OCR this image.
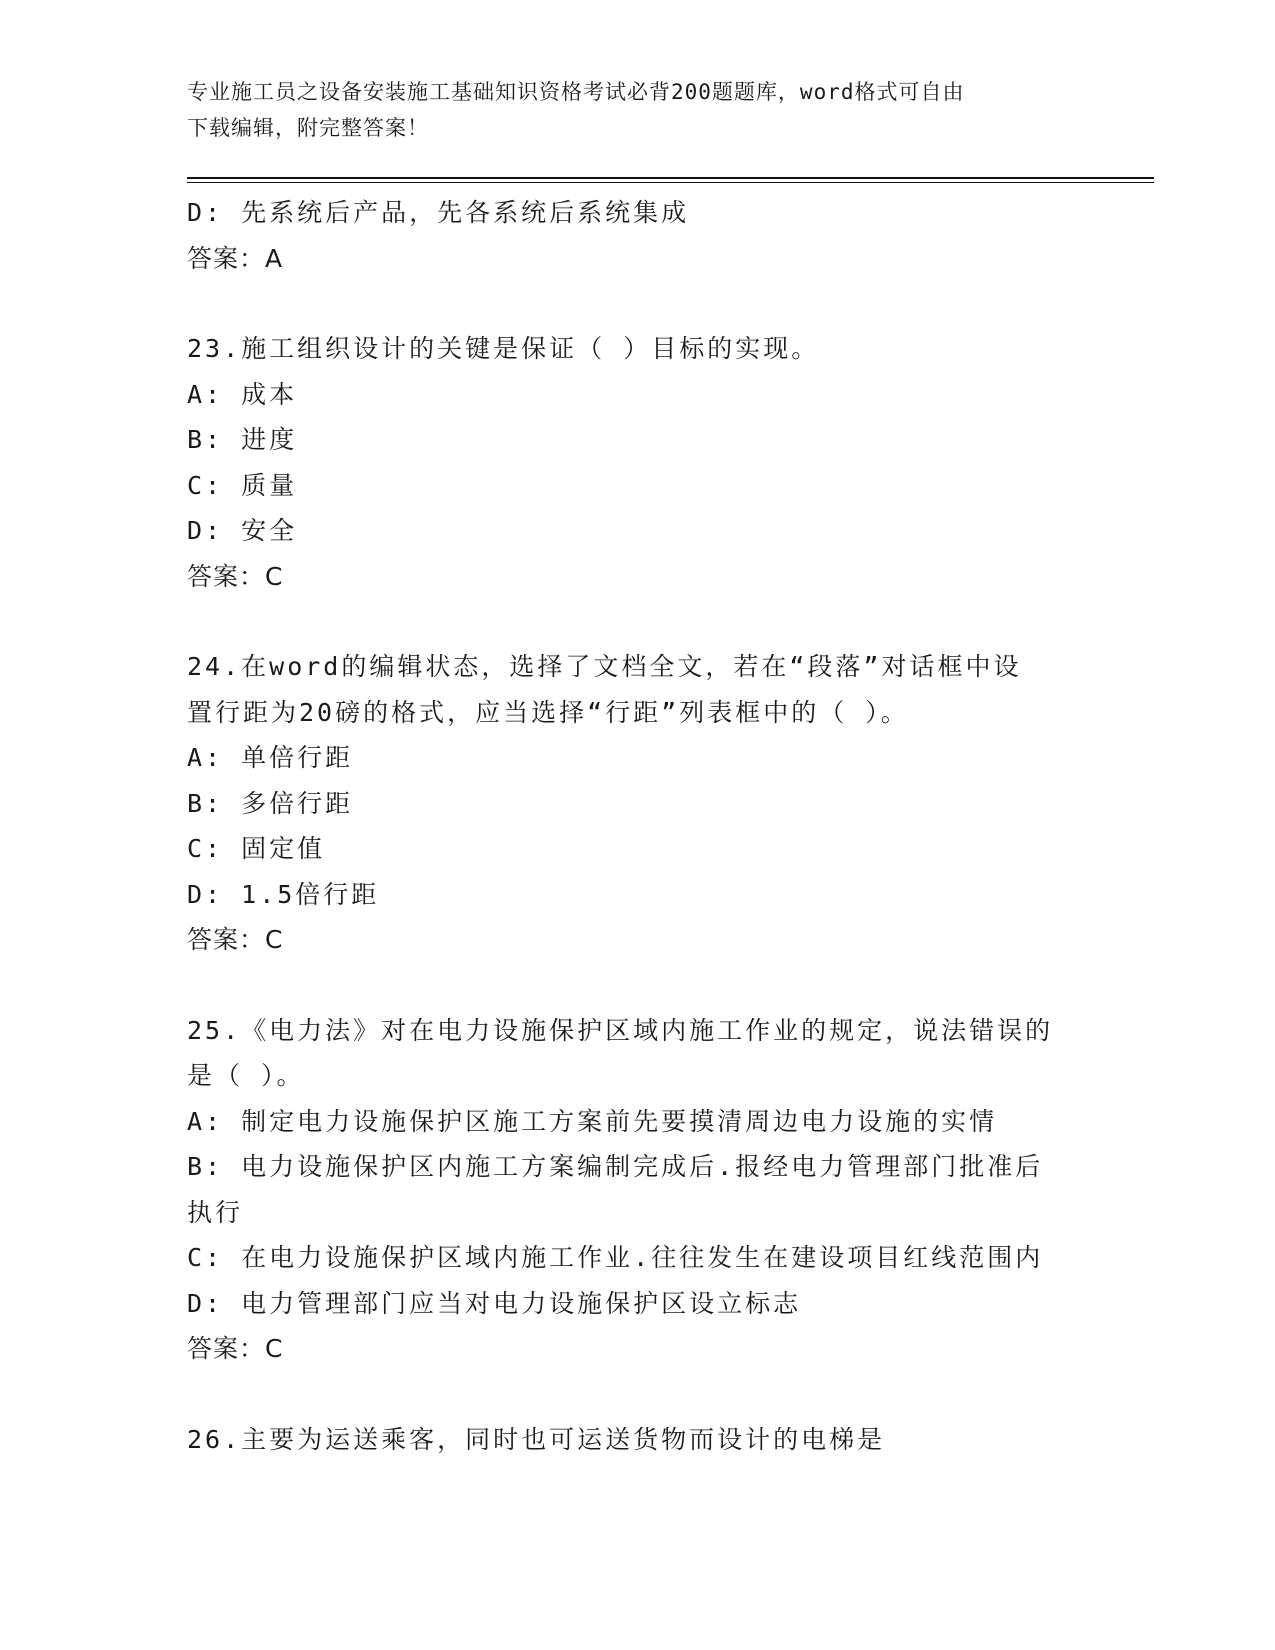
专业施工员之设备安装施工基础知识资格考试必背200题题库，word格式可自由
下载编辑，附完整答案！
D: 先系统后产品，先各系统后系统集成
答案：A
23.施工组织设计的关键是保证（ ）目标的实现。
A: 成本
B: 进度
C: 质量
D: 安全
答案：C
24.在word的编辑状态，选择了文档全文，若在“段落”对话框中设
置行距为20磅的格式，应当选择“行距”列表框中的（ ）。
A: 单倍行距
B: 多倍行距
C: 固定值
D: 1.5倍行距
答案：C
25.《电力法》对在电力设施保护区域内施工作业的规定，说法错误的
是（ ）。
A: 制定电力设施保护区施工方案前先要摸清周边电力设施的实情
B: 电力设施保护区内施工方案编制完成后.报经电力管理部门批准后
执行
C: 在电力设施保护区域内施工作业.往往发生在建设项目红线范围内
D: 电力管理部门应当对电力设施保护区设立标志
答案：C
26.主要为运送乘客，同时也可运送货物而设计的电梯是
